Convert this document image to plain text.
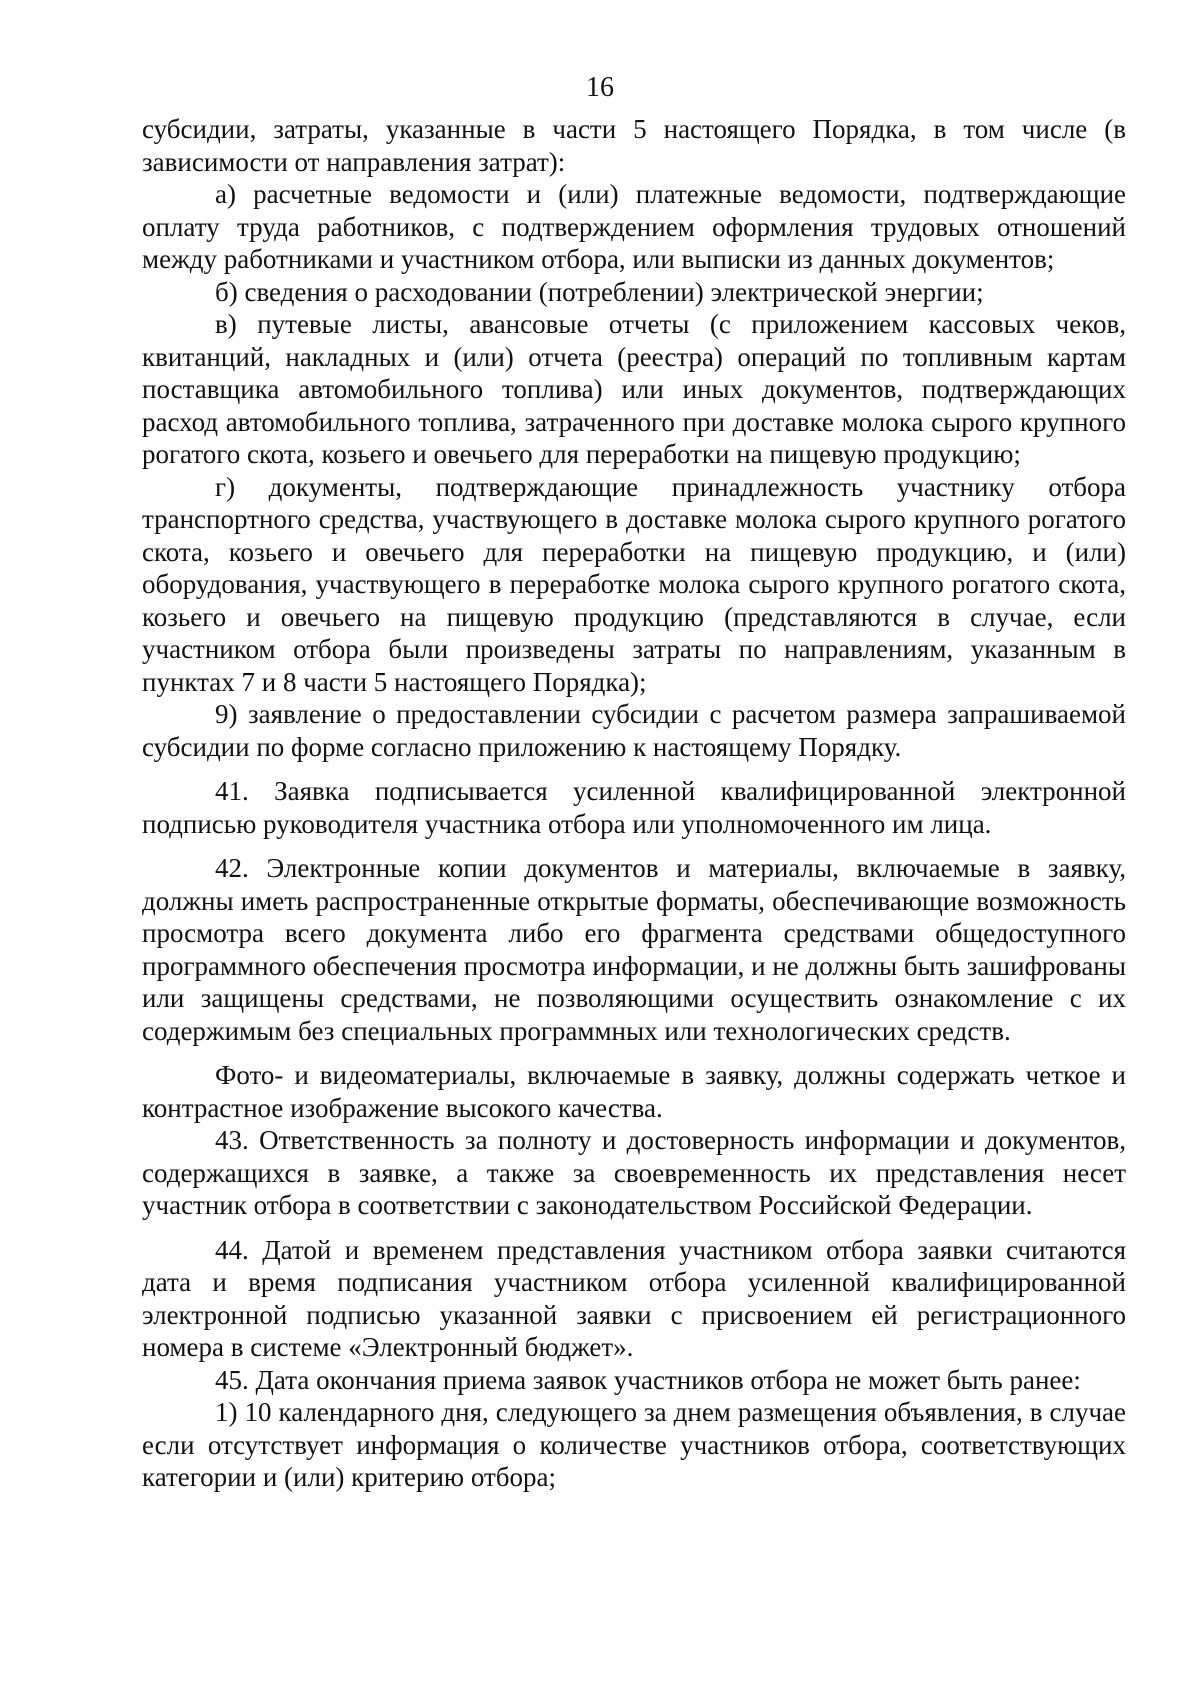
16

субсидии, затраты, указанные в части 5 настоящего Порядка, в том числе (в зависимости от направления затрат):

а) расчетные ведомости и (или) платежные ведомости, подтверждающие оплату труда работников, с подтверждением оформления трудовых отношений между работниками и участником отбора, или выписки из данных документов;

б) сведения о расходовании (потреблении) электрической энергии;

в) путевые листы, авансовые отчеты (с приложением кассовых чеков, квитанций, накладных и (или) отчета (реестра) операций по топливным картам поставщика автомобильного топлива) или иных документов, подтверждающих расход автомобильного топлива, затраченного при доставке молока сырого крупного рогатого скота, козьего и овечьего для переработки на пищевую продукцию;

г) документы, подтверждающие принадлежность участнику отбора транспортного средства, участвующего в доставке молока сырого крупного рогатого скота, козьего и овечьего для переработки на пищевую продукцию, и (или) оборудования, участвующего в переработке молока сырого крупного рогатого скота, козьего и овечьего на пищевую продукцию (представляются в случае, если участником отбора были произведены затраты по направлениям, указанным в пунктах 7 и 8 части 5 настоящего Порядка);

9) заявление о предоставлении субсидии с расчетом размера запрашиваемой субсидии по форме согласно приложению к настоящему Порядку.

41. Заявка подписывается усиленной квалифицированной электронной подписью руководителя участника отбора или уполномоченного им лица.

42. Электронные копии документов и материалы, включаемые в заявку, должны иметь распространенные открытые форматы, обеспечивающие возможность просмотра всего документа либо его фрагмента средствами общедоступного программного обеспечения просмотра информации, и не должны быть зашифрованы или защищены средствами, не позволяющими осуществить ознакомление с их содержимым без специальных программных или технологических средств.

Фото- и видеоматериалы, включаемые в заявку, должны содержать четкое и контрастное изображение высокого качества.

43. Ответственность за полноту и достоверность информации и документов, содержащихся в заявке, а также за своевременность их представления несет участник отбора в соответствии с законодательством Российской Федерации.

44. Датой и временем представления участником отбора заявки считаются дата и время подписания участником отбора усиленной квалифицированной электронной подписью указанной заявки с присвоением ей регистрационного номера в системе «Электронный бюджет».

45. Дата окончания приема заявок участников отбора не может быть ранее:

1) 10 календарного дня, следующего за днем размещения объявления, в случае если отсутствует информация о количестве участников отбора, соответствующих категории и (или) критерию отбора;
